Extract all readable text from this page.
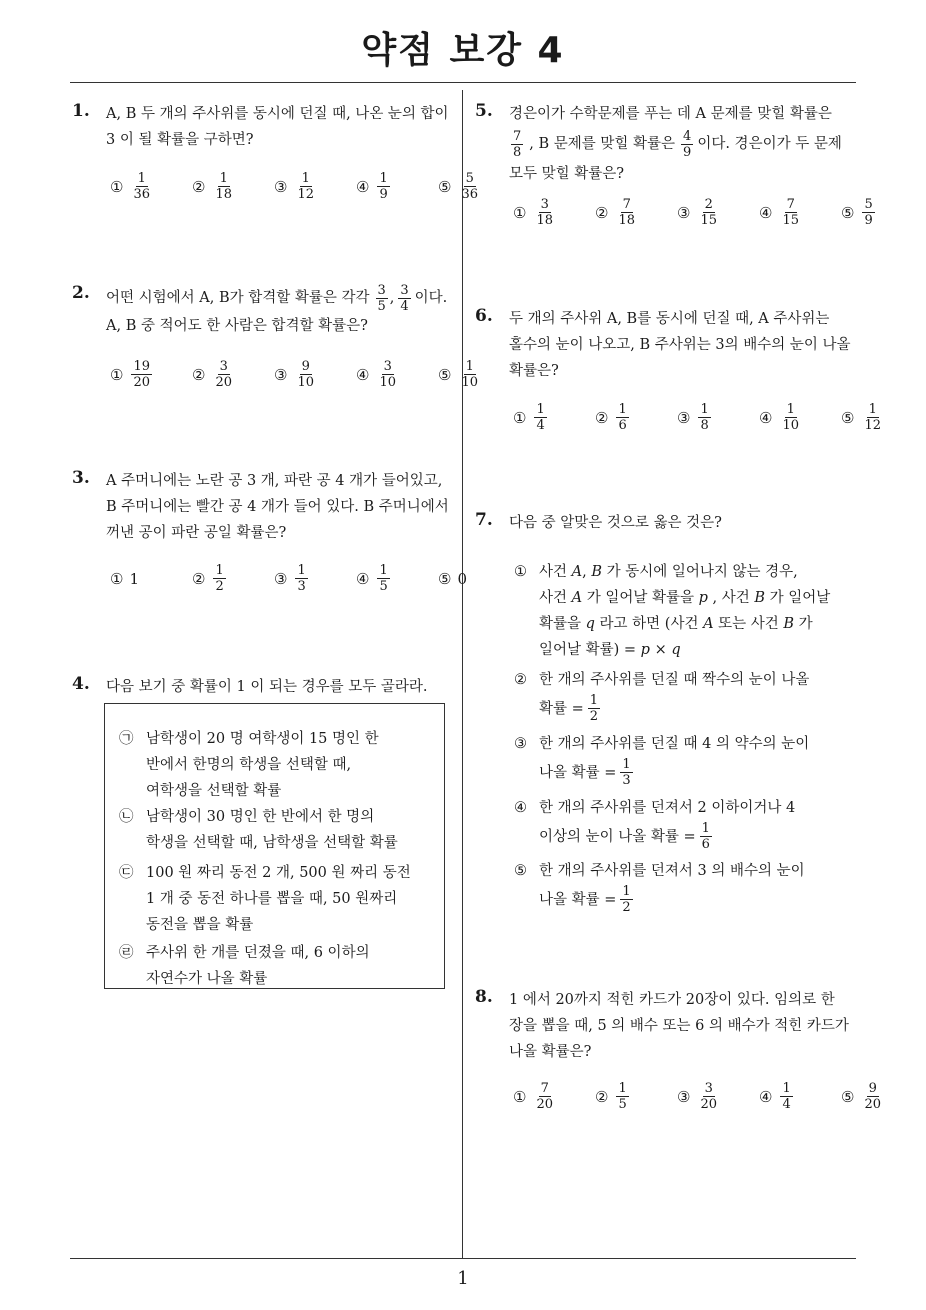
약점 보강 4
1
1. A, B 두 개의 주사위를 동시에 던질 때, 나온 눈의 합이
3 이 될 확률을 구하면?
① $\frac{1}{36}$	② $\frac{1}{18}$	③ $\frac{1}{12}$	④ $\frac{1}{9}$	⑤ $\frac{5}{36}$
2. 어떤 시험에서 A, B가 합격할 확률은 각각 $\frac{3}{5}$ , $\frac{3}{4}$ 이다.
A, B 중 적어도 한 사람은 합격할 확률은?
① $\frac{19}{20}$	② $\frac{3}{20}$	③ $\frac{9}{10}$	④ $\frac{3}{10}$	⑤ $\frac{1}{10}$
3. A 주머니에는 노란 공 3 개, 파란 공 4 개가 들어있고,
B 주머니에는 빨간 공 4 개가 들어 있다. B 주머니에서
꺼낸 공이 파란 공일 확률은?
① 1	② $\frac{1}{2}$	③ $\frac{1}{3}$	④ $\frac{1}{5}$	⑤ 0
4. 다음 보기 중 확률이 1 이 되는 경우를 모두 골라라.
㉠ 남학생이 20 명 여학생이 15 명인 한
반에서 한명의 학생을 선택할 때,
여학생을 선택할 확률
㉡ 남학생이 30 명인 한 반에서 한 명의
학생을 선택할 때, 남학생을 선택할 확률
㉢ 100 원 짜리 동전 2 개, 500 원 짜리 동전
1 개 중 동전 하나를 뽑을 때, 50 원짜리
동전을 뽑을 확률
㉣ 주사위 한 개를 던졌을 때, 6 이하의
자연수가 나올 확률
5. 경은이가 수학문제를 푸는 데 A 문제를 맞힐 확률은
$\frac{7}{8}$ , B 문제를 맞힐 확률은 $\frac{4}{9}$ 이다. 경은이가 두 문제
모두 맞힐 확률은?
① $\frac{3}{18}$	② $\frac{7}{18}$	③ $\frac{2}{15}$	④ $\frac{7}{15}$	⑤ $\frac{5}{9}$
6. 두 개의 주사위 A, B를 동시에 던질 때, A 주사위는
홀수의 눈이 나오고, B 주사위는 3의 배수의 눈이 나올
확률은?
① $\frac{1}{4}$	② $\frac{1}{6}$	③ $\frac{1}{8}$	④ $\frac{1}{10}$	⑤ $\frac{1}{12}$
7. 다음 중 알맞은 것으로 옳은 것은?
① 사건 A, B 가 동시에 일어나지 않는 경우,
사건 A 가 일어날 확률을 p , 사건 B 가 일어날
확률을 q 라고 하면 (사건 A 또는 사건 B 가
일어날 확률) = p × q
② 한 개의 주사위를 던질 때 짝수의 눈이 나올
확률 = $\frac{1}{2}$
③ 한 개의 주사위를 던질 때 4 의 약수의 눈이
나올 확률 = $\frac{1}{3}$
④ 한 개의 주사위를 던져서 2 이하이거나 4
이상의 눈이 나올 확률 = $\frac{1}{6}$
⑤ 한 개의 주사위를 던져서 3 의 배수의 눈이
나올 확률 = $\frac{1}{2}$
8. 1 에서 20까지 적힌 카드가 20장이 있다. 임의로 한
장을 뽑을 때, 5 의 배수 또는 6 의 배수가 적힌 카드가
나올 확률은?
① $\frac{7}{20}$	② $\frac{1}{5}$	③ $\frac{3}{20}$	④ $\frac{1}{4}$	⑤ $\frac{9}{20}$
